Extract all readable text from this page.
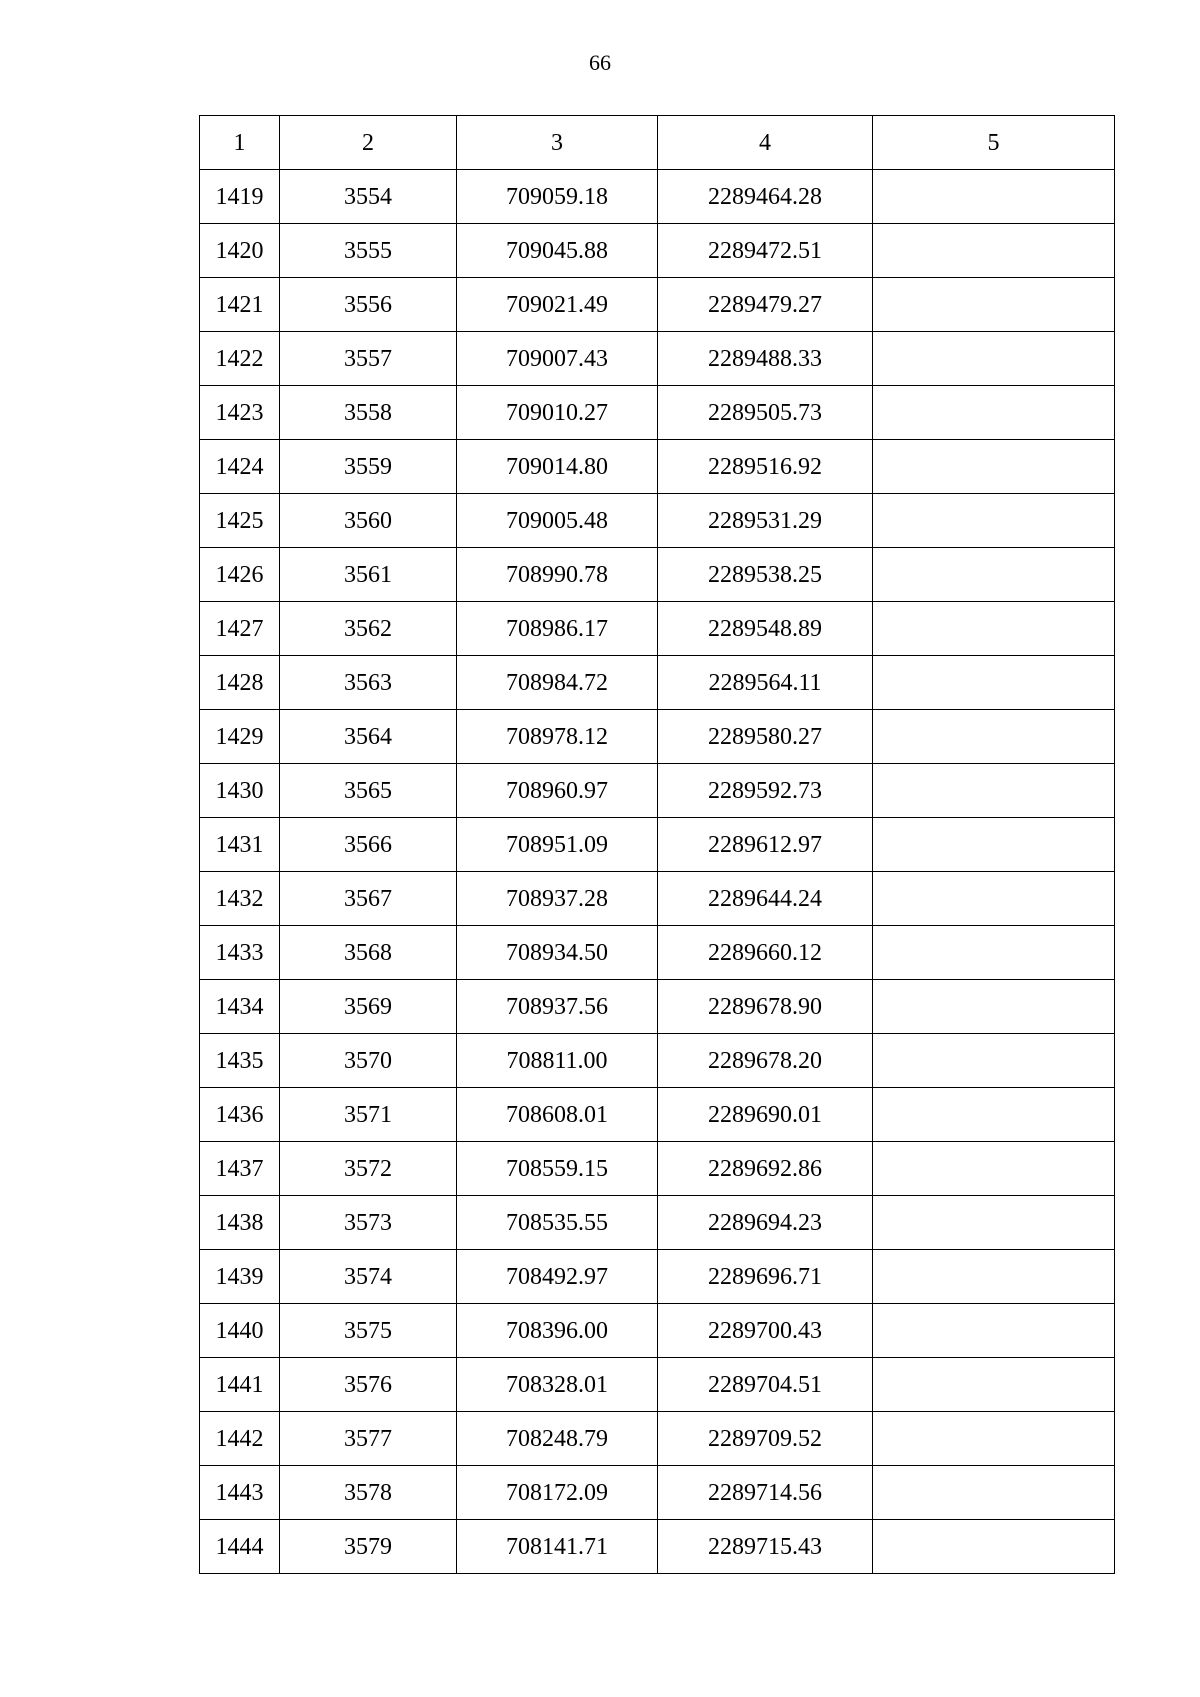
66
1	2	3	4	5
1419	3554	709059.18	2289464.28	
1420	3555	709045.88	2289472.51	
1421	3556	709021.49	2289479.27	
1422	3557	709007.43	2289488.33	
1423	3558	709010.27	2289505.73	
1424	3559	709014.80	2289516.92	
1425	3560	709005.48	2289531.29	
1426	3561	708990.78	2289538.25	
1427	3562	708986.17	2289548.89	
1428	3563	708984.72	2289564.11	
1429	3564	708978.12	2289580.27	
1430	3565	708960.97	2289592.73	
1431	3566	708951.09	2289612.97	
1432	3567	708937.28	2289644.24	
1433	3568	708934.50	2289660.12	
1434	3569	708937.56	2289678.90	
1435	3570	708811.00	2289678.20	
1436	3571	708608.01	2289690.01	
1437	3572	708559.15	2289692.86	
1438	3573	708535.55	2289694.23	
1439	3574	708492.97	2289696.71	
1440	3575	708396.00	2289700.43	
1441	3576	708328.01	2289704.51	
1442	3577	708248.79	2289709.52	
1443	3578	708172.09	2289714.56	
1444	3579	708141.71	2289715.43	
